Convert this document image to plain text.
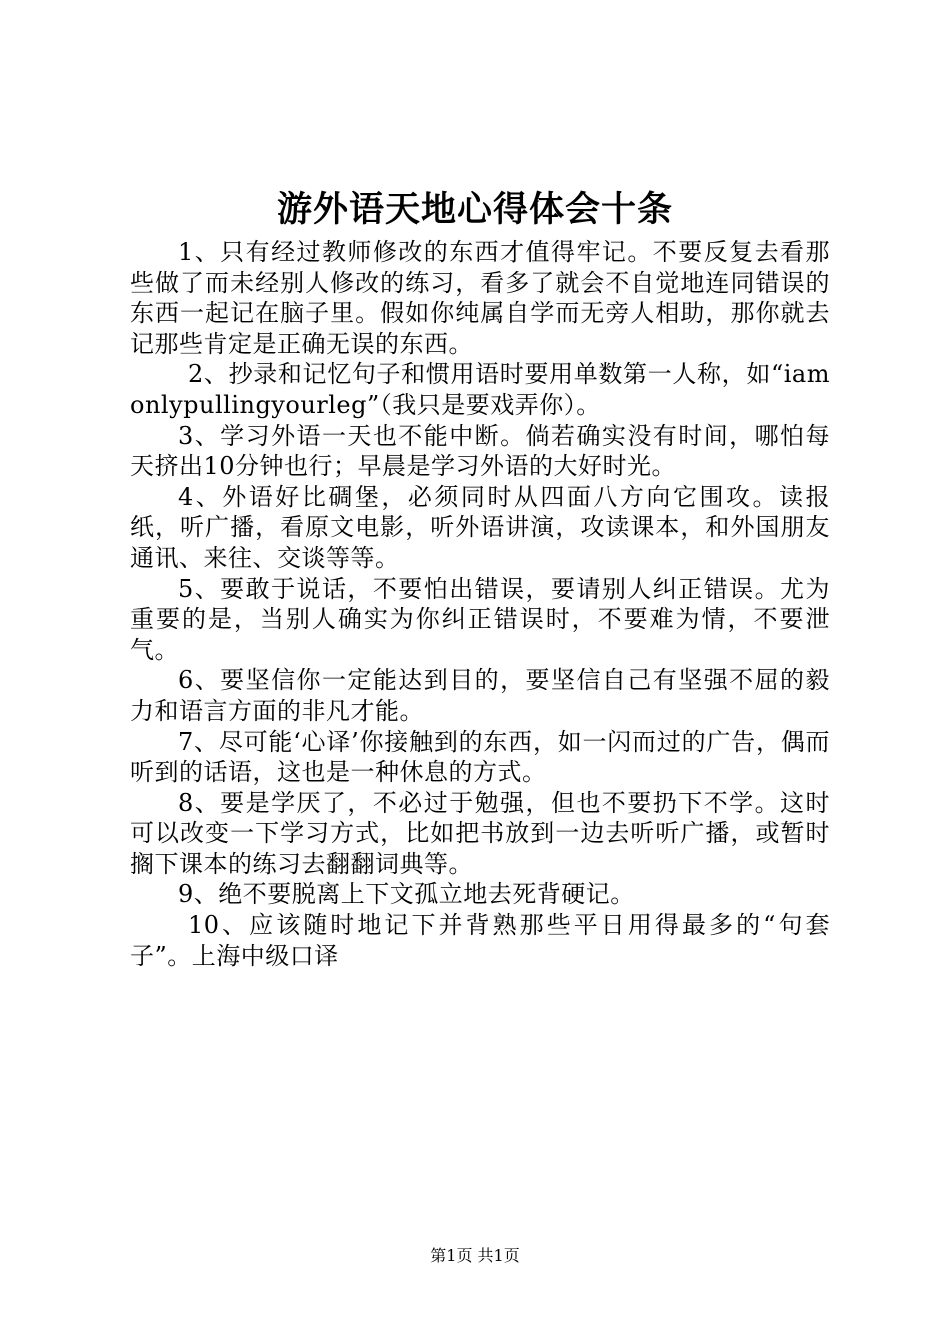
游外语天地心得体会十条

1、只有经过教师修改的东西才值得牢记。不要反复去看那些做了而未经别人修改的练习，看多了就会不自觉地连同错误的东西一起记在脑子里。假如你纯属自学而无旁人相助，那你就去记那些肯定是正确无误的东西。

2、抄录和记忆句子和惯用语时要用单数第一人称，如“iamonlypullingyourleg”（我只是要戏弄你）。

3、学习外语一天也不能中断。倘若确实没有时间，哪怕每天挤出10分钟也行；早晨是学习外语的大好时光。

4、外语好比碉堡，必须同时从四面八方向它围攻。读报纸，听广播，看原文电影，听外语讲演，攻读课本，和外国朋友通讯、来往、交谈等等。

5、要敢于说话，不要怕出错误，要请别人纠正错误。尤为重要的是，当别人确实为你纠正错误时，不要难为情，不要泄气。

6、要坚信你一定能达到目的，要坚信自己有坚强不屈的毅力和语言方面的非凡才能。

7、尽可能‘心译’你接触到的东西，如一闪而过的广告，偶而听到的话语，这也是一种休息的方式。

8、要是学厌了，不必过于勉强，但也不要扔下不学。这时可以改变一下学习方式，比如把书放到一边去听听广播，或暂时搁下课本的练习去翻翻词典等。

9、绝不要脱离上下文孤立地去死背硬记。

10、应该随时地记下并背熟那些平日用得最多的“句套子”。上海中级口译

第1页 共1页
